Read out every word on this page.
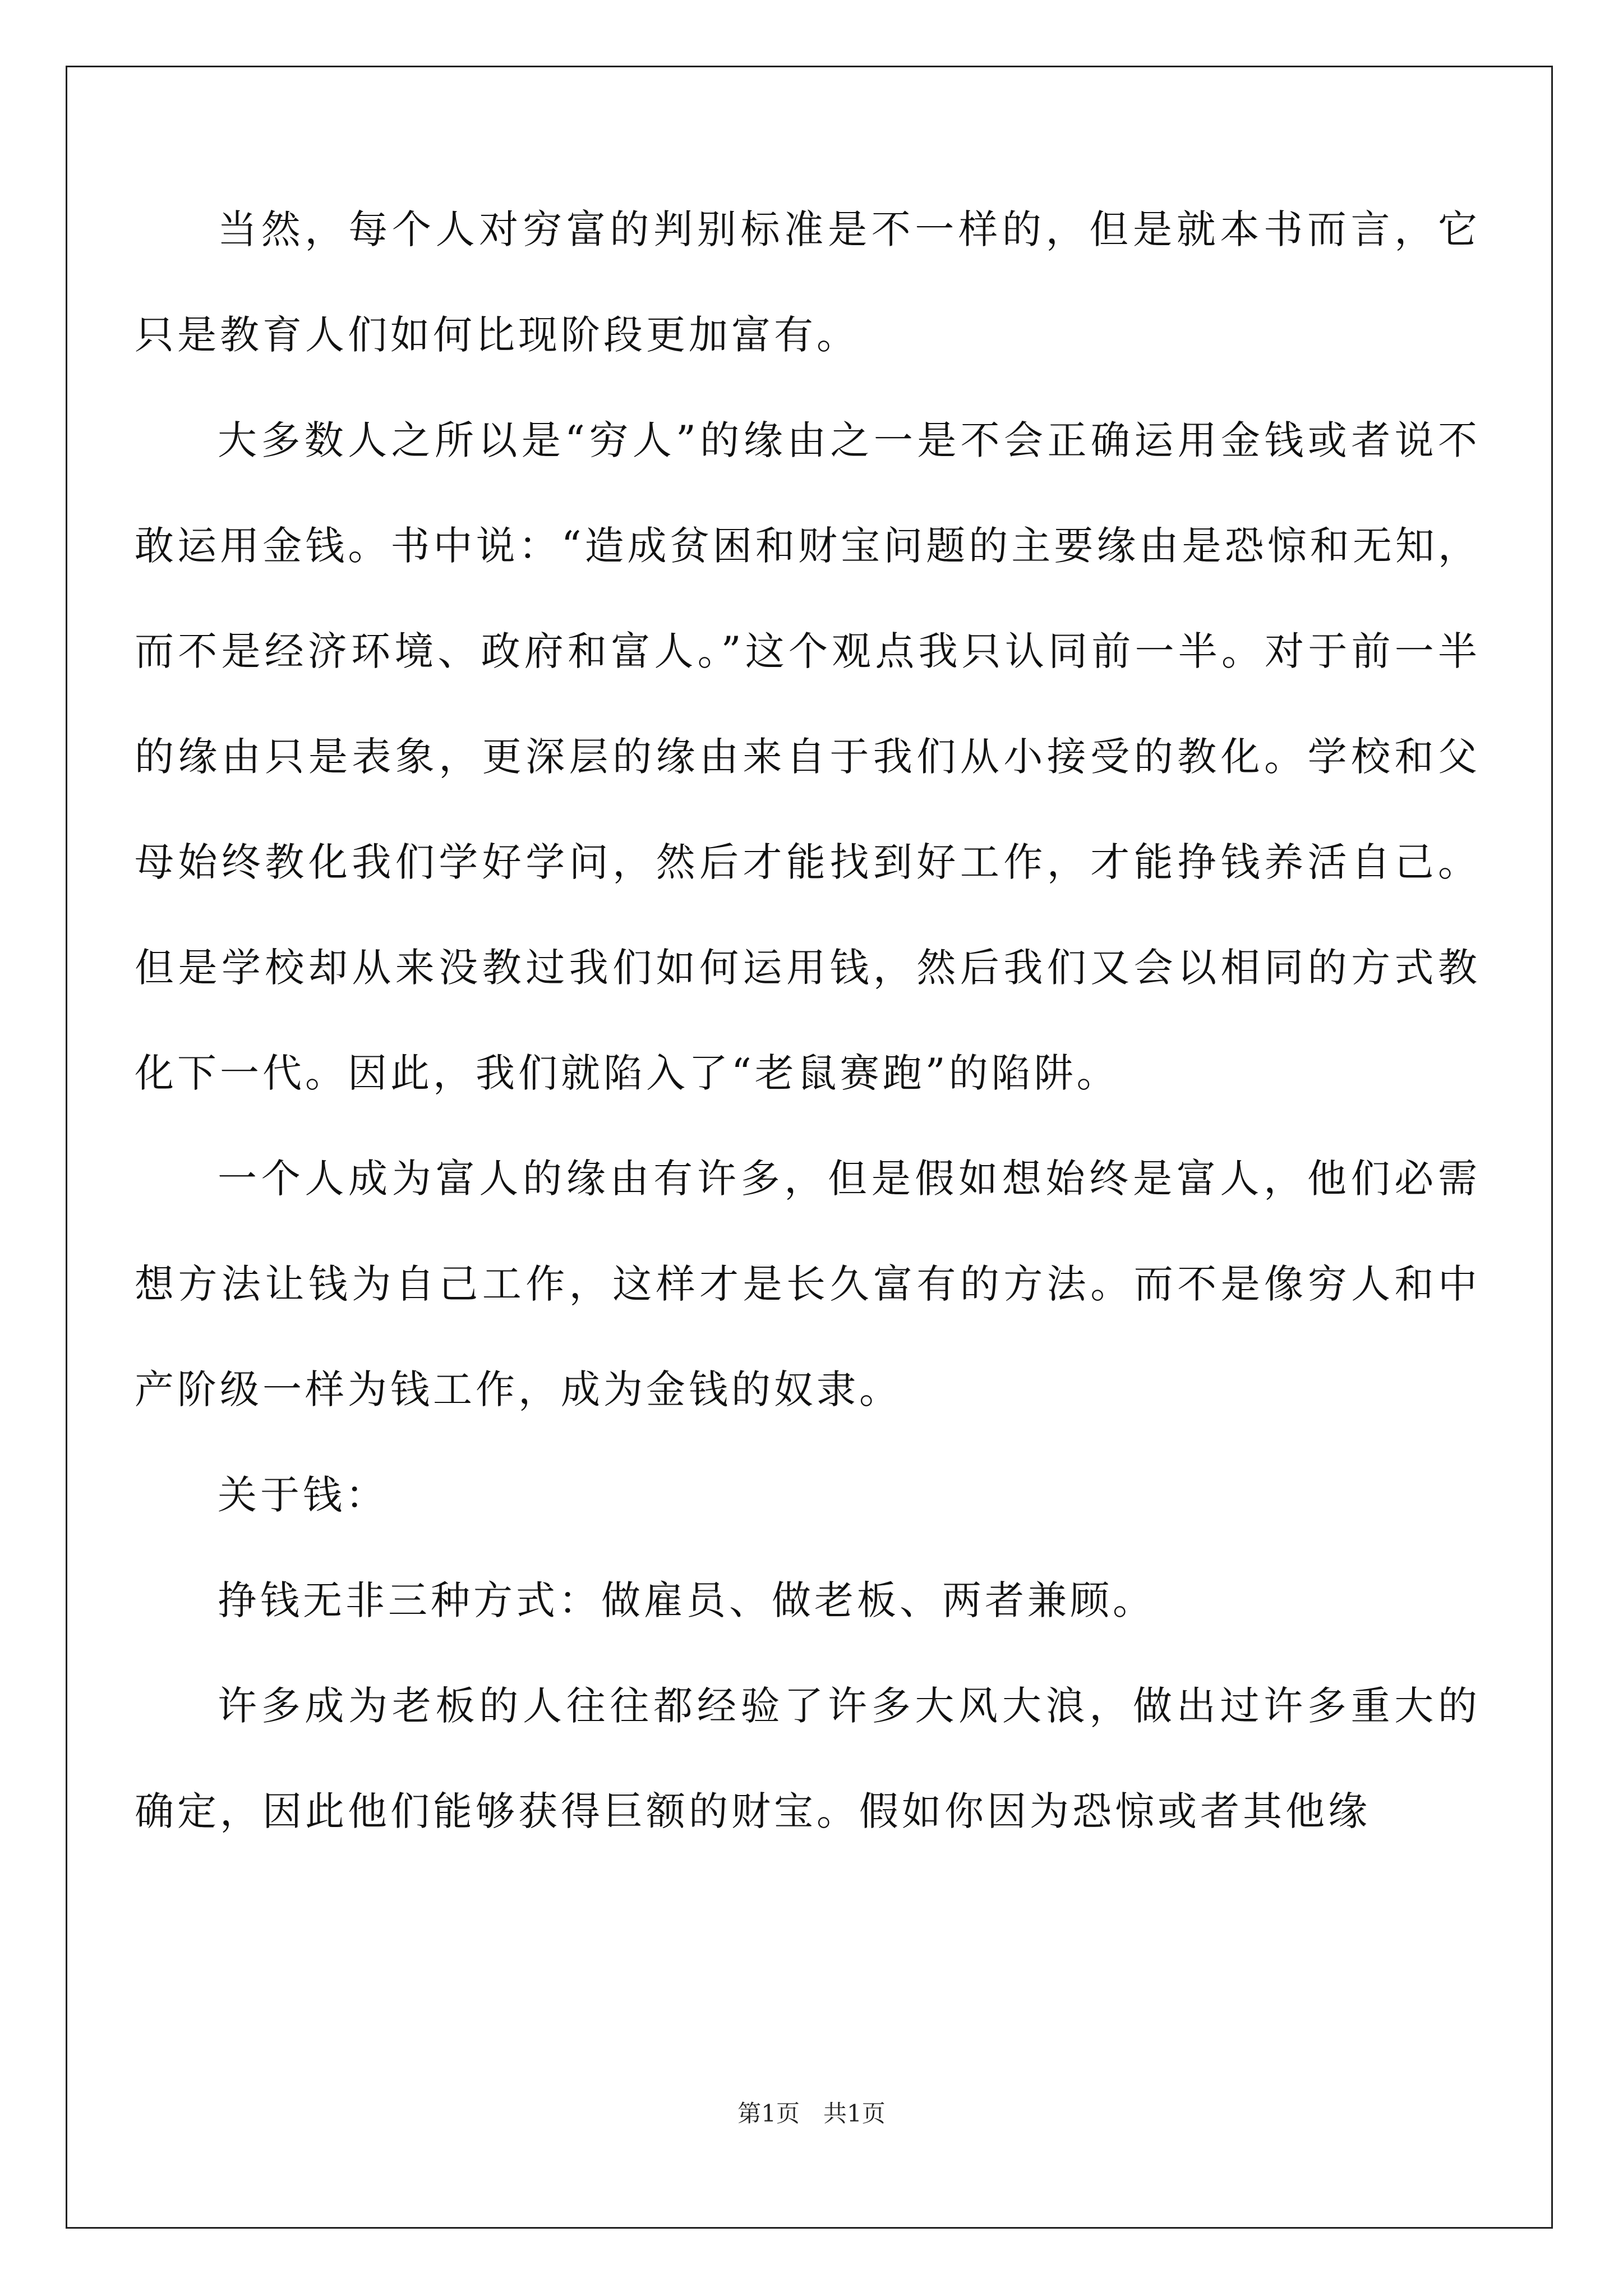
当然，每个人对穷富的判别标准是不一样的，但是就本书而言，它只是教育人们如何比现阶段更加富有。

大多数人之所以是“穷人”的缘由之一是不会正确运用金钱或者说不敢运用金钱。书中说：“造成贫困和财宝问题的主要缘由是恐惊和无知，而不是经济环境、政府和富人。”这个观点我只认同前一半。对于前一半的缘由只是表象，更深层的缘由来自于我们从小接受的教化。学校和父母始终教化我们学好学问，然后才能找到好工作，才能挣钱养活自己。但是学校却从来没教过我们如何运用钱，然后我们又会以相同的方式教化下一代。因此，我们就陷入了“老鼠赛跑”的陷阱。

一个人成为富人的缘由有许多，但是假如想始终是富人，他们必需想方法让钱为自己工作，这样才是长久富有的方法。而不是像穷人和中产阶级一样为钱工作，成为金钱的奴隶。

关于钱：

挣钱无非三种方式：做雇员、做老板、两者兼顾。

许多成为老板的人往往都经验了许多大风大浪，做出过许多重大的确定，因此他们能够获得巨额的财宝。假如你因为恐惊或者其他缘

第1页　共1页
